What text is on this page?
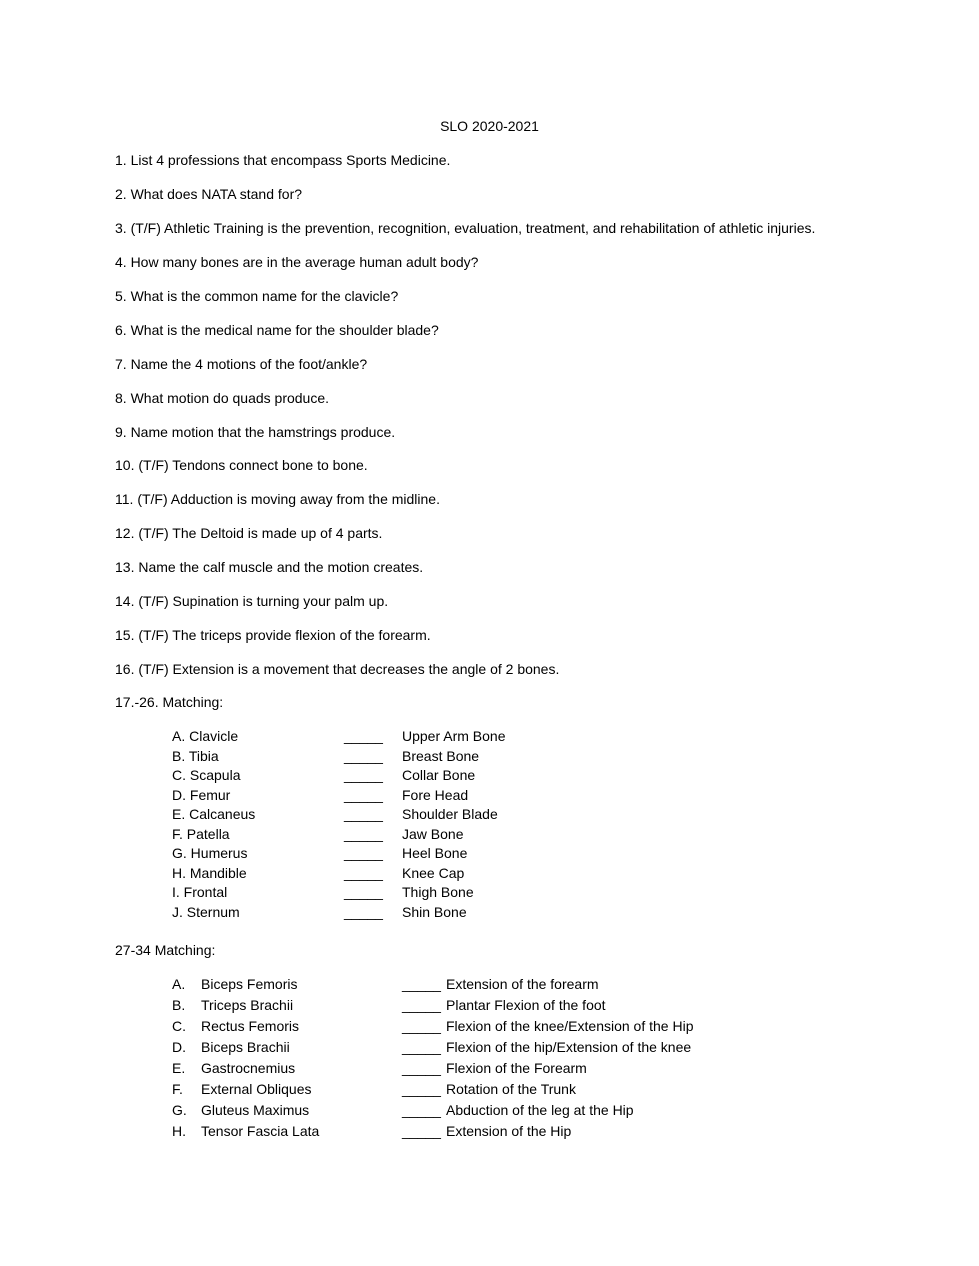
SLO 2020-2021
1. List 4 professions that encompass Sports Medicine.
2. What does NATA stand for?
3. (T/F) Athletic Training is the prevention, recognition, evaluation, treatment, and rehabilitation of athletic injuries.
4. How many bones are in the average human adult body?
5. What is the common name for the clavicle?
6. What is the medical name for the shoulder blade?
7. Name the 4 motions of the foot/ankle?
8. What motion do quads produce.
9. Name motion that the hamstrings produce.
10. (T/F) Tendons connect bone to bone.
11. (T/F) Adduction is moving away from the midline.
12. (T/F) The Deltoid is made up of 4 parts.
13. Name the calf muscle and the motion creates.
14. (T/F) Supination is turning your palm up.
15. (T/F) The triceps provide flexion of the forearm.
16. (T/F) Extension is a movement that decreases the angle of 2 bones.
17.-26. Matching:
A. Clavicle	_____ Upper Arm Bone
B. Tibia	_____ Breast Bone
C. Scapula	_____ Collar Bone
D. Femur	_____ Fore Head
E. Calcaneus	_____ Shoulder Blade
F. Patella	_____ Jaw Bone
G. Humerus	_____ Heel Bone
H. Mandible	_____ Knee Cap
I. Frontal	_____ Thigh Bone
J. Sternum	_____ Shin Bone
27-34 Matching:
A. Biceps Femoris	_____ Extension of the forearm
B. Triceps Brachii	_____ Plantar Flexion of the foot
C. Rectus Femoris	_____ Flexion of the knee/Extension of the Hip
D. Biceps Brachii	_____ Flexion of the hip/Extension of the knee
E. Gastrocnemius	_____ Flexion of the Forearm
F. External Obliques	_____ Rotation of the Trunk
G. Gluteus Maximus	_____ Abduction of the leg at the Hip
H. Tensor Fascia Lata	_____ Extension of the Hip
